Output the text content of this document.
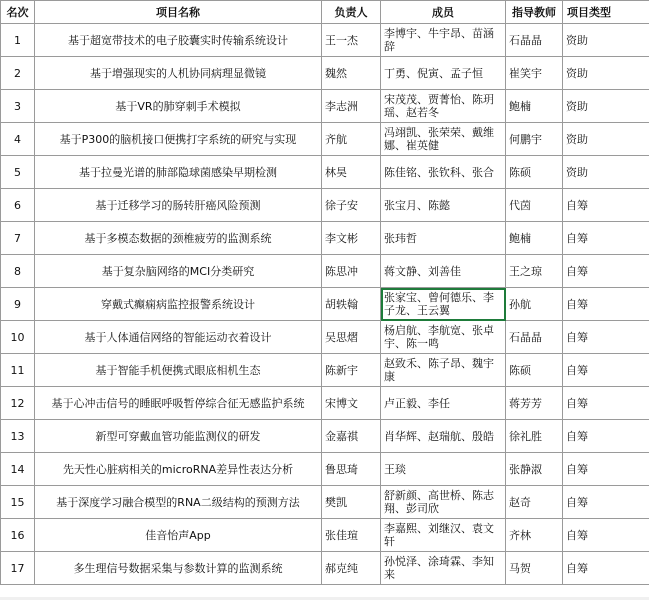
名次	项目名称	负责人	成员	指导教师	项目类型
1	基于超宽带技术的电子胶囊实时传输系统设计	王一杰	李博宇、牛宇昂、苗涵辞	石晶晶	资助
2	基于增强现实的人机协同病理显微镜	魏然	丁勇、倪寅、孟子恒	崔笑宇	资助
3	基于VR的肺穿刺手术模拟	李志洲	宋茂茂、贾菁怡、陈玥瑶、赵若冬	鲍楠	资助
4	基于P300的脑机接口便携打字系统的研究与实现	齐航	冯翊凯、张荣荣、戴维娜、崔英健	何鹏宇	资助
5	基于拉曼光谱的肺部隐球菌感染早期检测	林昊	陈佳铭、张钦科、张合	陈硕	资助
6	基于迁移学习的肠转肝癌风险预测	徐子安	张宝月、陈懿	代茵	自筹
7	基于多模态数据的颈椎疲劳的监测系统	李文彬	张玮哲	鲍楠	自筹
8	基于复杂脑网络的MCI分类研究	陈思冲	蒋文静、刘善佳	王之琼	自筹
9	穿戴式癫痫病监控报警系统设计	胡轶翰	张家宝、曾何德乐、李子龙、王云翼	孙航	自筹
10	基于人体通信网络的智能运动衣着设计	吴思熠	杨启航、李航宽、张卓宇、陈一鸣	石晶晶	自筹
11	基于智能手机便携式眼底相机生态	陈新宇	赵致禾、陈子昂、魏宇康	陈硕	自筹
12	基于心冲击信号的睡眠呼吸暂停综合征无感监护系统	宋博文	卢正毅、李任	蒋芳芳	自筹
13	新型可穿戴血管功能监测仪的研发	金嘉祺	肖华辉、赵瑞航、殷皓	徐礼胜	自筹
14	先天性心脏病相关的microRNA差异性表达分析	鲁思琦	王琰	张静淑	自筹
15	基于深度学习融合模型的RNA二级结构的预测方法	樊凯	舒新颜、高世桥、陈志翔、彭司欣	赵奇	自筹
16	佳音怡声App	张佳瑄	李嘉熙、刘继汉、袁文轩	齐林	自筹
17	多生理信号数据采集与参数计算的监测系统	郝克纯	孙悦泽、涂琦霖、李知来	马贺	自筹
